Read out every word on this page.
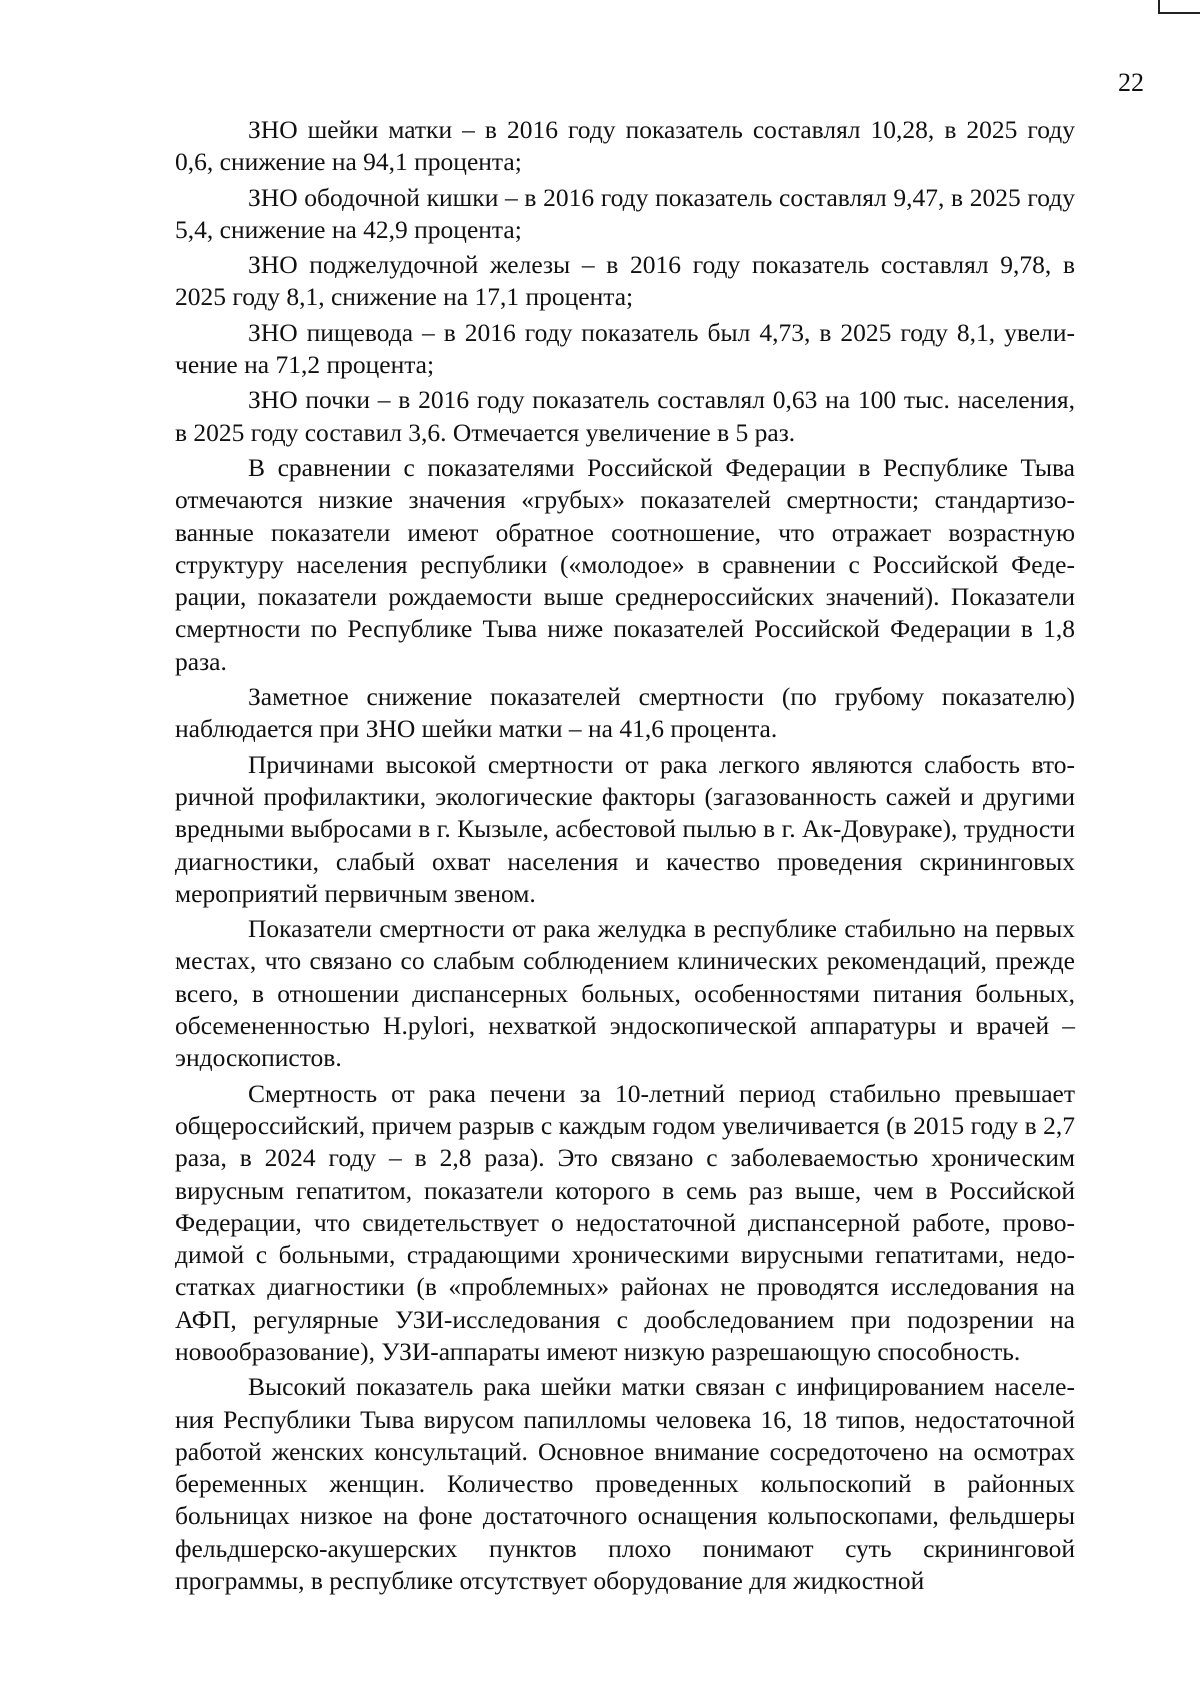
22

ЗНО шейки матки – в 2016 году показатель составлял 10,28, в 2025 году 0,6, снижение на 94,1 процента;

ЗНО ободочной кишки – в 2016 году показатель составлял 9,47, в 2025 году 5,4, снижение на 42,9 процента;

ЗНО поджелудочной железы – в 2016 году показатель составлял 9,78, в 2025 году 8,1, снижение на 17,1 процента;

ЗНО пищевода – в 2016 году показатель был 4,73, в 2025 году 8,1, увеличение на 71,2 процента;

ЗНО почки – в 2016 году показатель составлял 0,63 на 100 тыс. населения, в 2025 году составил 3,6. Отмечается увеличение в 5 раз.

В сравнении с показателями Российской Федерации в Республике Тыва отмечаются низкие значения «грубых» показателей смертности; стандартизованные показатели имеют обратное соотношение, что отражает возрастную структуру населения республики («молодое» в сравнении с Российской Федерации, показатели рождаемости выше среднероссийских значений). Показатели смертности по Республике Тыва ниже показателей Российской Федерации в 1,8 раза.

Заметное снижение показателей смертности (по грубому показателю) наблюдается при ЗНО шейки матки – на 41,6 процента.

Причинами высокой смертности от рака легкого являются слабость вторичной профилактики, экологические факторы (загазованность сажей и другими вредными выбросами в г. Кызыле, асбестовой пылью в г. Ак-Довураке), трудности диагностики, слабый охват населения и качество проведения скрининговых мероприятий первичным звеном.

Показатели смертности от рака желудка в республике стабильно на первых местах, что связано со слабым соблюдением клинических рекомендаций, прежде всего, в отношении диспансерных больных, особенностями питания больных, обсемененностью H.pylori, нехваткой эндоскопической аппаратуры и врачей – эндоскопистов.

Смертность от рака печени за 10-летний период стабильно превышает общероссийский, причем разрыв с каждым годом увеличивается (в 2015 году в 2,7 раза, в 2024 году – в 2,8 раза). Это связано с заболеваемостью хроническим вирусным гепатитом, показатели которого в семь раз выше, чем в Российской Федерации, что свидетельствует о недостаточной диспансерной работе, проводимой с больными, страдающими хроническими вирусными гепатитами, недостатках диагностики (в «проблемных» районах не проводятся исследования на АФП, регулярные УЗИ-исследования с дообследованием при подозрении на новообразование), УЗИ-аппараты имеют низкую разрешающую способность.

Высокий показатель рака шейки матки связан с инфицированием населения Республики Тыва вирусом папилломы человека 16, 18 типов, недостаточной работой женских консультаций. Основное внимание сосредоточено на осмотрах беременных женщин. Количество проведенных кольпоскопий в районных больницах низкое на фоне достаточного оснащения кольпоскопами, фельдшеры фельдшерско-акушерских пунктов плохо понимают суть скрининговой программы, в республике отсутствует оборудование для жидкостной
